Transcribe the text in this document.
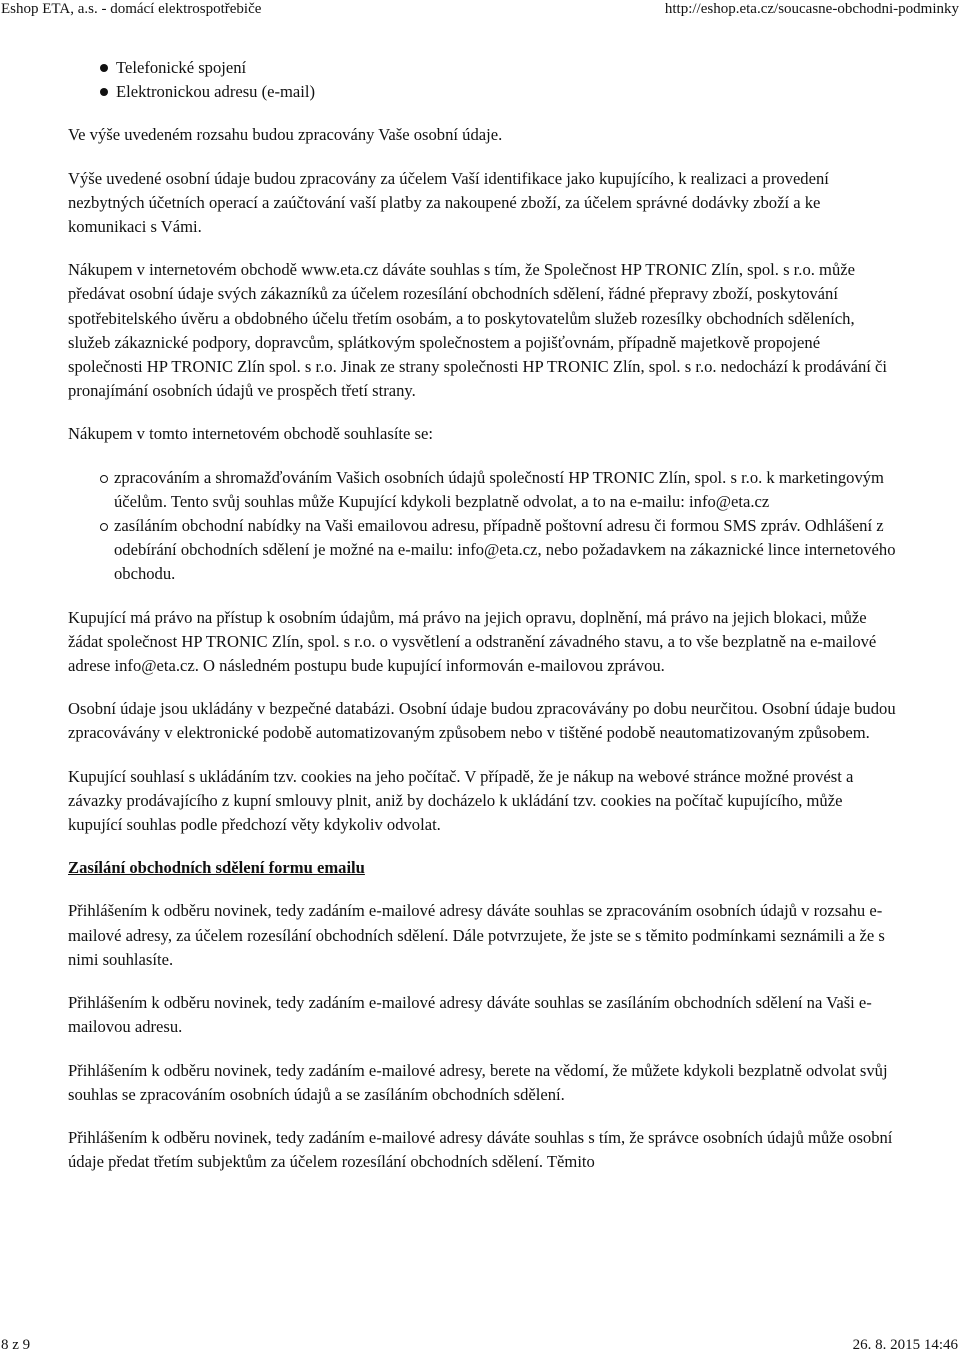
Eshop ETA, a.s. - domácí elektrospotřebiče	http://eshop.eta.cz/soucasne-obchodni-podminky
Telefonické spojení
Elektronickou adresu (e-mail)

Ve výše uvedeném rozsahu budou zpracovány Vaše osobní údaje.

Výše uvedené osobní údaje budou zpracovány za účelem Vaší identifikace jako kupujícího, k realizaci a provedení nezbytných účetních operací a zaúčtování vaší platby za nakoupené zboží, za účelem správné dodávky zboží a ke komunikaci s Vámi.

Nákupem v internetovém obchodě www.eta.cz dáváte souhlas s tím, že Společnost HP TRONIC Zlín, spol. s r.o. může předávat osobní údaje svých zákazníků za účelem rozesílání obchodních sdělení, řádné přepravy zboží, poskytování spotřebitelského úvěru a obdobného účelu třetím osobám, a to poskytovatelům služeb rozesílky obchodních sděleních, služeb zákaznické podpory, dopravcům, splátkovým společnostem a pojišťovnám, případně majetkově propojené společnosti HP TRONIC Zlín spol. s r.o. Jinak ze strany společnosti HP TRONIC Zlín, spol. s r.o. nedochází k prodávání či pronajímání osobních údajů ve prospěch třetí strany.

Nákupem v tomto internetovém obchodě souhlasíte se:

zpracováním a shromažďováním Vašich osobních údajů společností HP TRONIC Zlín, spol. s r.o. k marketingovým účelům. Tento svůj souhlas může Kupující kdykoli bezplatně odvolat, a to na e-mailu: info@eta.cz
zasíláním obchodní nabídky na Vaši emailovou adresu, případně poštovní adresu či formou SMS zpráv. Odhlášení z odebírání obchodních sdělení je možné na e-mailu: info@eta.cz, nebo požadavkem na zákaznické lince internetového obchodu.

Kupující má právo na přístup k osobním údajům, má právo na jejich opravu, doplnění, má právo na jejich blokaci, může žádat společnost HP TRONIC Zlín, spol. s r.o. o vysvětlení a odstranění závadného stavu, a to vše bezplatně na e-mailové adrese info@eta.cz. O následném postupu bude kupující informován e-mailovou zprávou.

Osobní údaje jsou ukládány v bezpečné databázi. Osobní údaje budou zpracovávány po dobu neurčitou. Osobní údaje budou zpracovávány v elektronické podobě automatizovaným způsobem nebo v tištěné podobě neautomatizovaným způsobem.

Kupující souhlasí s ukládáním tzv. cookies na jeho počítač. V případě, že je nákup na webové stránce možné provést a závazky prodávajícího z kupní smlouvy plnit, aniž by docházelo k ukládání tzv. cookies na počítač kupujícího, může kupující souhlas podle předchozí věty kdykoliv odvolat.

Zasílání obchodních sdělení formu emailu

Přihlášením k odběru novinek, tedy zadáním e-mailové adresy dáváte souhlas se zpracováním osobních údajů v rozsahu e-mailové adresy, za účelem rozesílání obchodních sdělení. Dále potvrzujete, že jste se s těmito podmínkami seznámili a že s nimi souhlasíte.

Přihlášením k odběru novinek, tedy zadáním e-mailové adresy dáváte souhlas se zasíláním obchodních sdělení na Vaši e-mailovou adresu.

Přihlášením k odběru novinek, tedy zadáním e-mailové adresy, berete na vědomí, že můžete kdykoli bezplatně odvolat svůj souhlas se zpracováním osobních údajů a se zasíláním obchodních sdělení.

Přihlášením k odběru novinek, tedy zadáním e-mailové adresy dáváte souhlas s tím, že správce osobních údajů může osobní údaje předat třetím subjektům za účelem rozesílání obchodních sdělení. Těmito

8 z 9	26. 8. 2015 14:46
